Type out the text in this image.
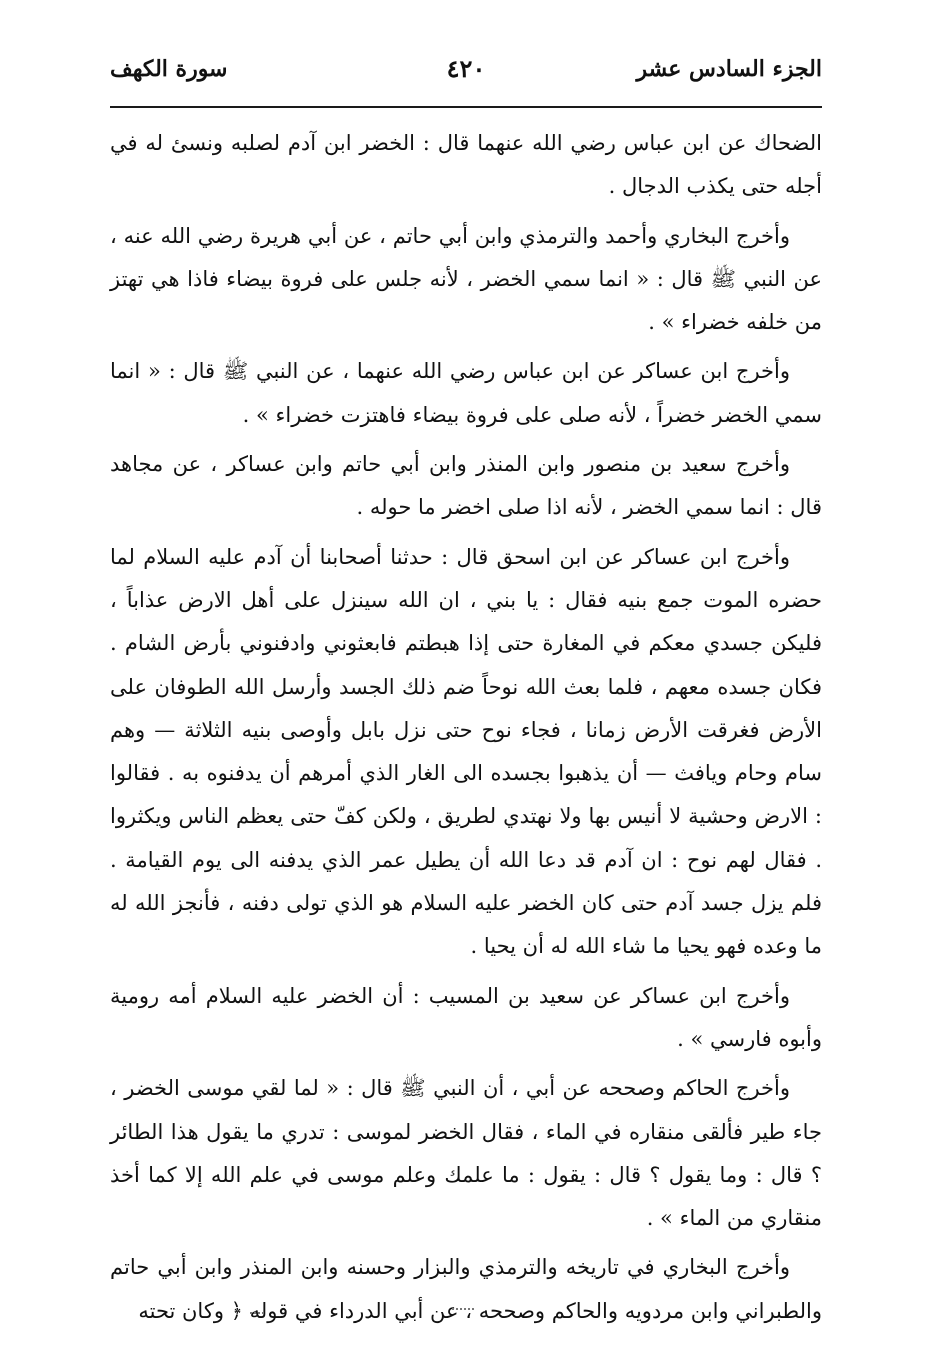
الجزء السادس عشر
٤٢٠
سورة الكهف

الضحاك عن ابن عباس رضي الله عنهما قال : الخضر ابن آدم لصلبه ونسئ له في أجله حتى يكذب الدجال .

وأخرج البخاري وأحمد والترمذي وابن أبي حاتم ، عن أبي هريرة رضي الله عنه ، عن النبي ﷺ قال : « انما سمي الخضر ، لأنه جلس على فروة بيضاء فاذا هي تهتز من خلفه خضراء » .

وأخرج ابن عساكر عن ابن عباس رضي الله عنهما ، عن النبي ﷺ قال : « انما سمي الخضر خضراً ، لأنه صلى على فروة بيضاء فاهتزت خضراء » .

وأخرج سعيد بن منصور وابن المنذر وابن أبي حاتم وابن عساكر ، عن مجاهد قال : انما سمي الخضر ، لأنه اذا صلى اخضر ما حوله .

وأخرج ابن عساكر عن ابن اسحق قال : حدثنا أصحابنا أن آدم عليه السلام لما حضره الموت جمع بنيه فقال : يا بني ، ان الله سينزل على أهل الارض عذاباً ، فليكن جسدي معكم في المغارة حتى إذا هبطتم فابعثوني وادفنوني بأرض الشام . فكان جسده معهم ، فلما بعث الله نوحاً ضم ذلك الجسد وأرسل الله الطوفان على الأرض فغرقت الأرض زمانا ، فجاء نوح حتى نزل بابل وأوصى بنيه الثلاثة — وهم سام وحام ويافث — أن يذهبوا بجسده الى الغار الذي أمرهم أن يدفنوه به . فقالوا : الارض وحشية لا أنيس بها ولا نهتدي لطريق ، ولكن كفّ حتى يعظم الناس ويكثروا . فقال لهم نوح : ان آدم قد دعا الله أن يطيل عمر الذي يدفنه الى يوم القيامة . فلم يزل جسد آدم حتى كان الخضر عليه السلام هو الذي تولى دفنه ، فأنجز الله له ما وعده فهو يحيا ما شاء الله له أن يحيا .

وأخرج ابن عساكر عن سعيد بن المسيب : أن الخضر عليه السلام أمه رومية وأبوه فارسي » .

وأخرج الحاكم وصححه عن أبي ، أن النبي ﷺ قال : « لما لقي موسى الخضر ، جاء طير فألقى منقاره في الماء ، فقال الخضر لموسى : تدري ما يقول هذا الطائر ؟ قال : وما يقول ؟ قال : يقول : ما علمك وعلم موسى في علم الله إلا كما أخذ منقاري من الماء » .

وأخرج البخاري في تاريخه والترمذي والبزار وحسنه وابن المنذر وابن أبي حاتم والطبراني وابن مردويه والحاكم وصححه ، عن أبي الدرداء في قوله ﴿ وكان تحته
